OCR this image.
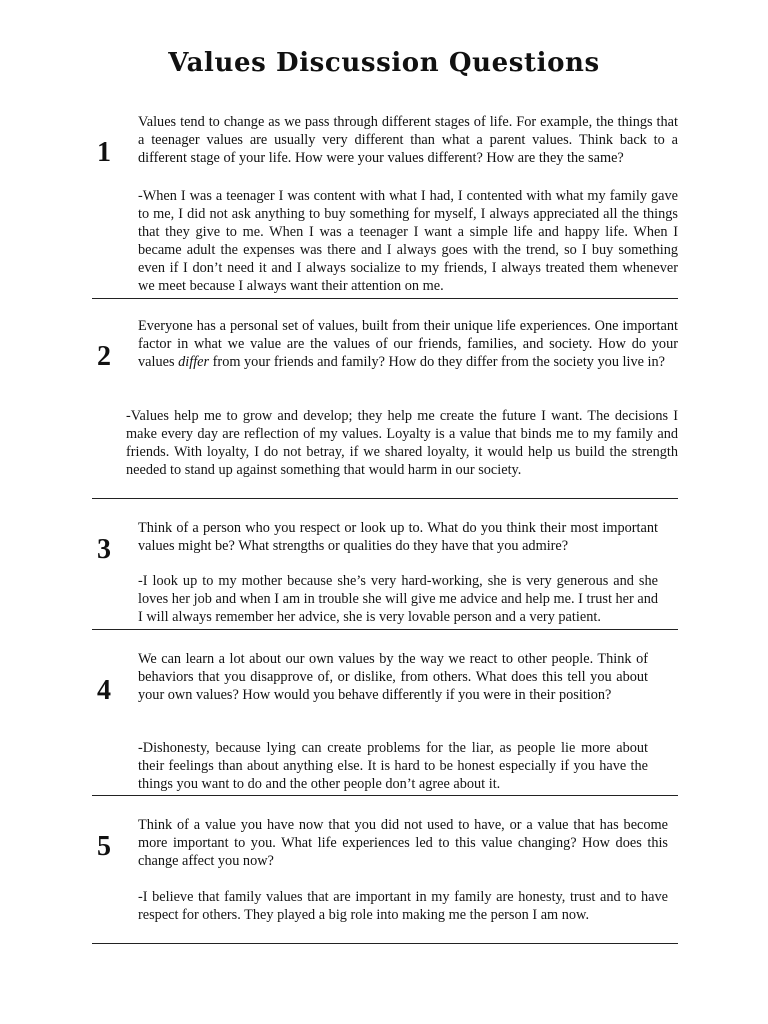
Values Discussion Questions
1
Values tend to change as we pass through different stages of life. For example, the things that a teenager values are usually very different than what a parent values. Think back to a different stage of your life. How were your values different? How are they the same?
-When I was a teenager I was content with what I had, I contented with what my family gave to me, I did not ask anything to buy something for myself, I always appreciated all the things that they give to me. When I was a teenager I want a simple life and happy life. When I became adult the expenses was there and I always goes with the trend, so I buy something even if I don’t need it and I always socialize to my friends, I always treated them whenever we meet because I always want their attention on me.
2
Everyone has a personal set of values, built from their unique life experiences. One important factor in what we value are the values of our friends, families, and society. How do your values differ from your friends and family? How do they differ from the society you live in?
-Values help me to grow and develop; they help me create the future I want. The decisions I make every day are reflection of my values. Loyalty is a value that binds me to my family and friends. With loyalty, I do not betray, if we shared loyalty, it would help us build the strength needed to stand up against something that would harm in our society.
3
Think of a person who you respect or look up to. What do you think their most important values might be? What strengths or qualities do they have that you admire?
-I look up to my mother because she’s very hard-working, she is very generous and she loves her job and when I am in trouble she will give me advice and help me. I trust her and I will always remember her advice, she is very lovable person and a very patient.
4
We can learn a lot about our own values by the way we react to other people. Think of behaviors that you disapprove of, or dislike, from others. What does this tell you about your own values? How would you behave differently if you were in their position?
-Dishonesty, because lying can create problems for the liar, as people lie more about their feelings than about anything else. It is hard to be honest especially if you have the things you want to do and the other people don’t agree about it.
5
Think of a value you have now that you did not used to have, or a value that has become more important to you. What life experiences led to this value changing? How does this change affect you now?
-I believe that family values that are important in my family are honesty, trust and to have respect for others. They played a big role into making me the person I am now.
